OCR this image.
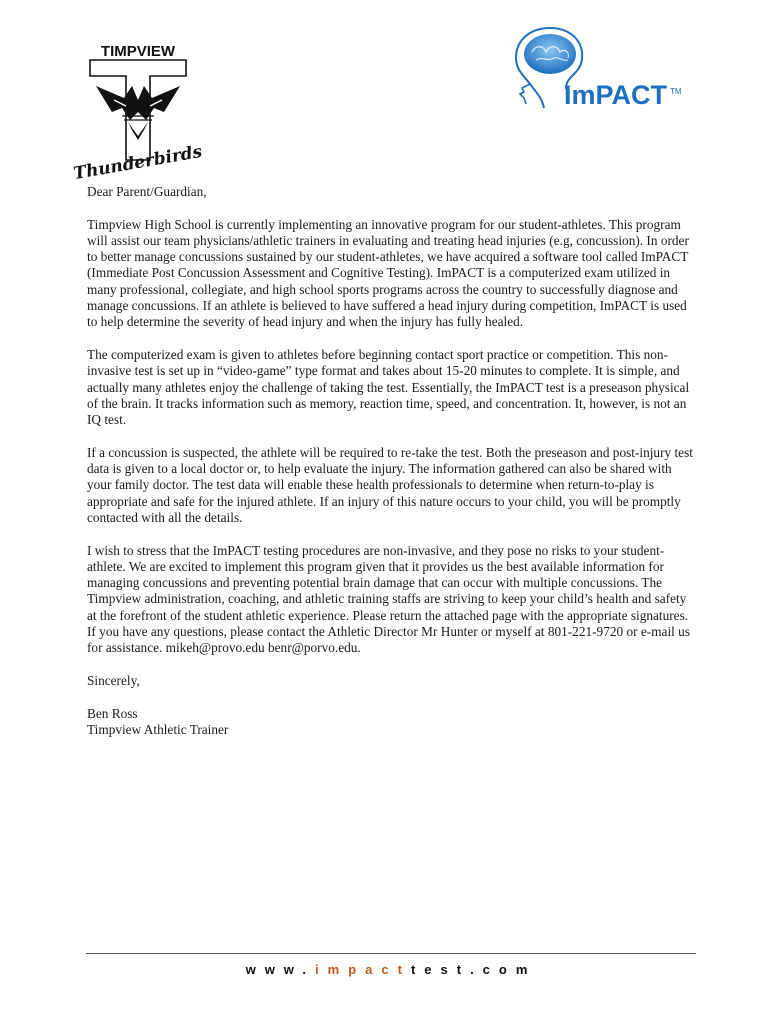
TIMPVIEW
Thunderbirds
ImPACT TM

Dear Parent/Guardian,

Timpview High School is currently implementing an innovative program for our student-athletes. This program will assist our team physicians/athletic trainers in evaluating and treating head injuries (e.g, concussion). In order to better manage concussions sustained by our student-athletes, we have acquired a software tool called ImPACT (Immediate Post Concussion Assessment and Cognitive Testing). ImPACT is a computerized exam utilized in many professional, collegiate, and high school sports programs across the country to successfully diagnose and manage concussions. If an athlete is believed to have suffered a head injury during competition, ImPACT is used to help determine the severity of head injury and when the injury has fully healed.

The computerized exam is given to athletes before beginning contact sport practice or competition. This non-invasive test is set up in “video-game” type format and takes about 15-20 minutes to complete. It is simple, and actually many athletes enjoy the challenge of taking the test. Essentially, the ImPACT test is a preseason physical of the brain. It tracks information such as memory, reaction time, speed, and concentration. It, however, is not an IQ test.

If a concussion is suspected, the athlete will be required to re-take the test. Both the preseason and post-injury test data is given to a local doctor or, to help evaluate the injury. The information gathered can also be shared with your family doctor. The test data will enable these health professionals to determine when return-to-play is appropriate and safe for the injured athlete. If an injury of this nature occurs to your child, you will be promptly contacted with all the details.

I wish to stress that the ImPACT testing procedures are non-invasive, and they pose no risks to your student-athlete. We are excited to implement this program given that it provides us the best available information for managing concussions and preventing potential brain damage that can occur with multiple concussions. The Timpview administration, coaching, and athletic training staffs are striving to keep your child’s health and safety at the forefront of the student athletic experience. Please return the attached page with the appropriate signatures. If you have any questions, please contact the Athletic Director Mr Hunter or myself at 801-221-9720 or e-mail us for assistance. mikeh@provo.edu benr@porvo.edu.

Sincerely,

Ben Ross

Timpview Athletic Trainer

www.impacttest.com
